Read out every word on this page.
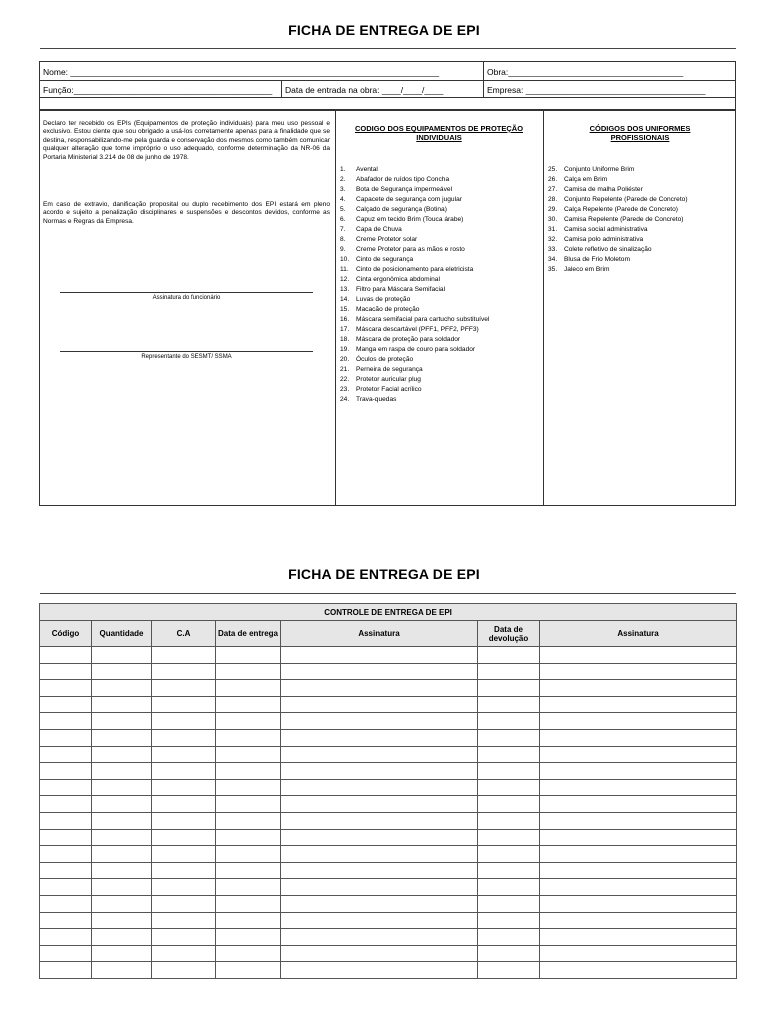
FICHA DE ENTREGA DE EPI
Nome: ______________________________________________________________________________	Obra:_____________________________________
Função:__________________________________________ Data de entrada na obra: ____/____/____	Empresa: ______________________________________
Declaro ter recebido os EPIs (Equipamentos de proteção individuais) para meu uso pessoal e exclusivo. Estou ciente que sou obrigado a usá-los corretamente apenas para a finalidade que se destina, responsabilizando-me pela guarda e conservação dos mesmos como também comunicar qualquer alteração que torne impróprio o uso adequado, conforme determinação da NR-06 da Portaria Ministerial 3.214 de 08 de junho de 1978.
Em caso de extravio, danificação proposital ou duplo recebimento dos EPI estará em pleno acordo e sujeito a penalização disciplinares e suspensões e descontos devidos, conforme as Normas e Regras da Empresa.
Assinatura do funcionário
Representante do SESMT/ SSMA
CODIGO DOS EQUIPAMENTOS DE PROTEÇÃO INDIVIDUAIS
1. Avental
2. Abafador de ruídos tipo Concha
3. Bota de Segurança impermeável
4. Capacete de segurança com jugular
5. Calçado de segurança (Botina)
6. Capuz em tecido Brim (Touca árabe)
7. Capa de Chuva
8. Creme Protetor solar
9. Creme Protetor para as mãos e rosto
10. Cinto de segurança
11. Cinto de posicionamento para eletricista
12. Cinta ergonômica abdominal
13. Filtro para Máscara Semifacial
14. Luvas de proteção
15. Macacão de proteção
16. Máscara semifacial para cartucho substituível
17. Máscara descartável (PFF1, PFF2, PFF3)
18. Máscara de proteção para soldador
19. Manga em raspa de couro para soldador
20. Óculos de proteção
21. Perneira de segurança
22. Protetor auricular plug
23. Protetor Facial acrílico
24. Trava-quedas
CÓDIGOS DOS UNIFORMES PROFISSIONAIS
25. Conjunto Uniforme Brim
26. Calça em Brim
27. Camisa de malha Poliéster
28. Conjunto Repelente (Parede de Concreto)
29. Calça Repelente (Parede de Concreto)
30. Camisa Repelente (Parede de Concreto)
31. Camisa social administrativa
32. Camisa polo administrativa
33. Colete refletivo de sinalização
34. Blusa de Frio Moletom
35. Jaleco em Brim
FICHA DE ENTREGA DE EPI
CONTROLE DE ENTREGA DE EPI						
Código	Quantidade	C.A	Data de entrega	Assinatura	Data de devolução	Assinatura
